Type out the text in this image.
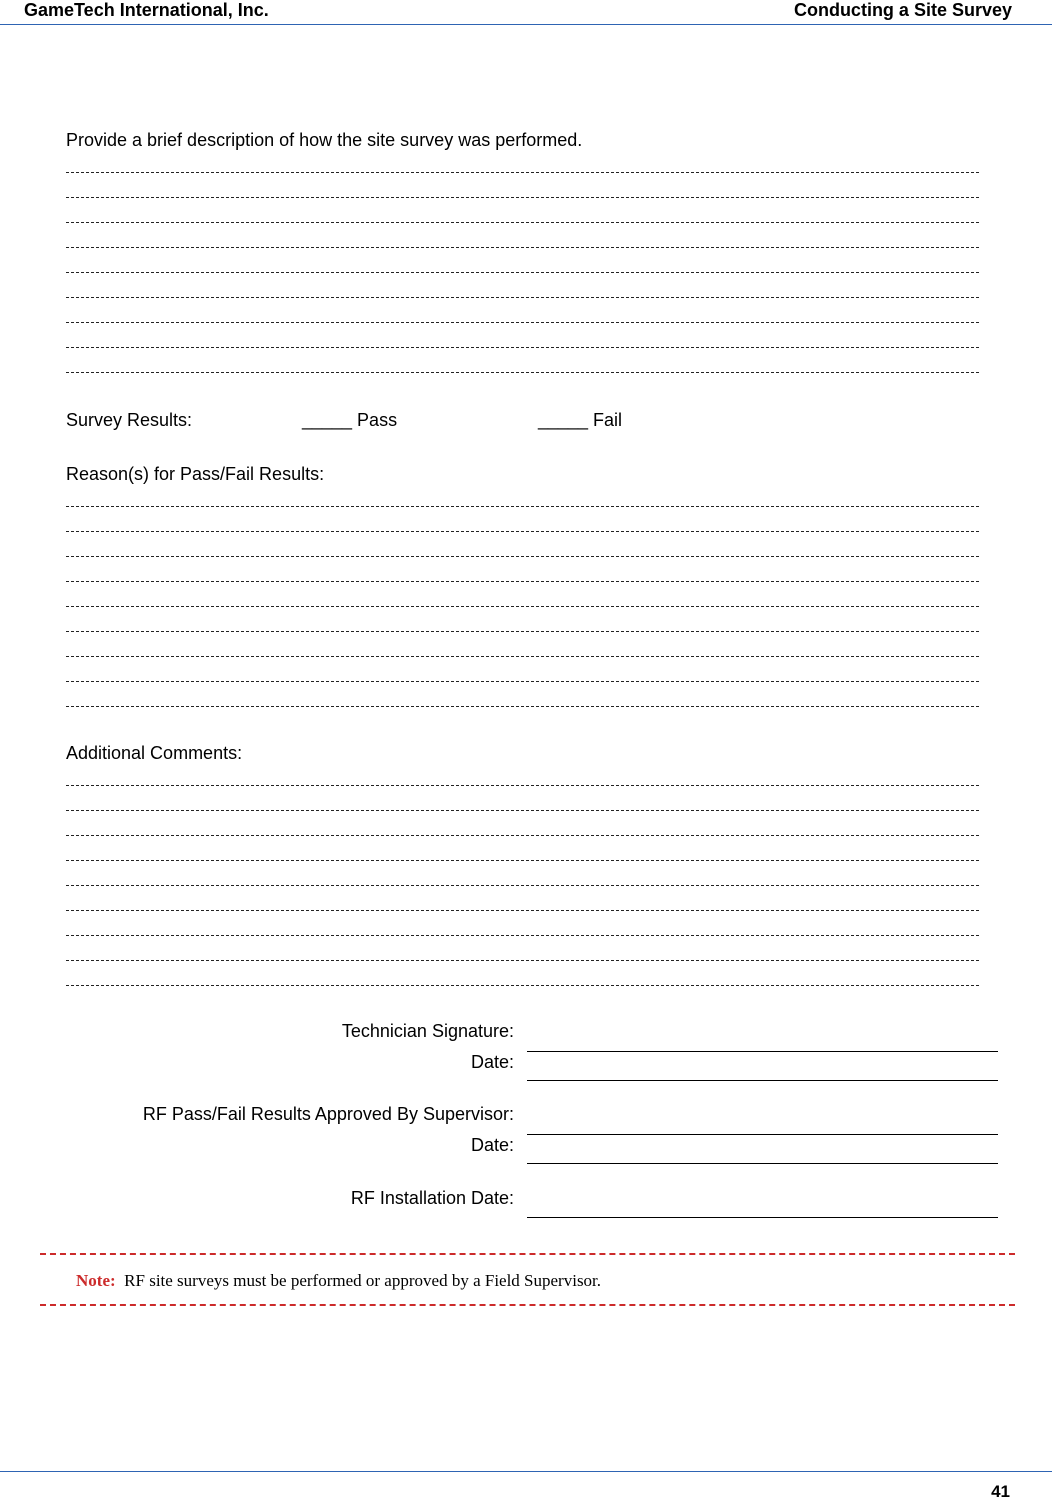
GameTech International, Inc.	Conducting a Site Survey
Provide a brief description of how the site survey was performed.
Survey Results:	_____ Pass	_____ Fail
Reason(s) for Pass/Fail Results:
Additional Comments:
Technician Signature:
Date:
RF Pass/Fail Results Approved By Supervisor:
Date:
RF Installation Date:
Note: RF site surveys must be performed or approved by a Field Supervisor.
41
